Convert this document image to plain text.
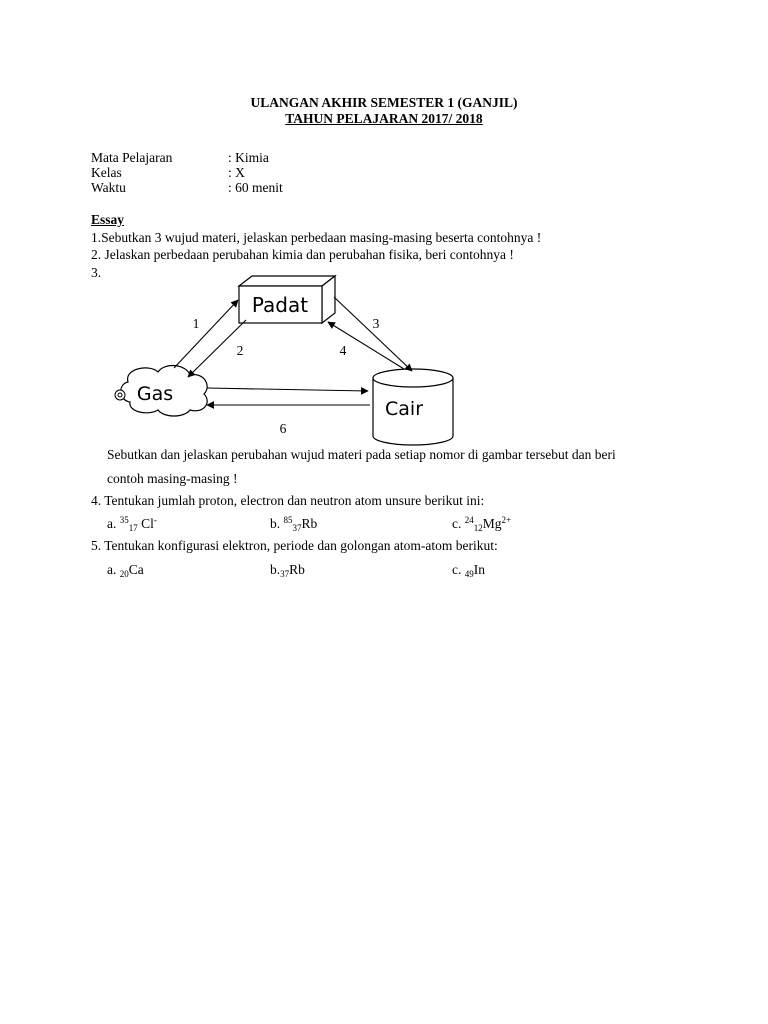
ULANGAN AKHIR SEMESTER 1 (GANJIL)
TAHUN PELAJARAN 2017/ 2018
Mata Pelajaran	: Kimia
Kelas	: X
Waktu	: 60 menit
Essay
1.Sebutkan 3 wujud materi, jelaskan perbedaan masing-masing beserta contohnya !
2. Jelaskan perbedaan perubahan kimia dan perubahan fisika, beri contohnya !
3.
Padat
Gas
Cair
1
2
3
4
6
Sebutkan dan jelaskan perubahan wujud materi pada setiap nomor di gambar tersebut dan beri
contoh masing-masing !
4. Tentukan jumlah proton, electron dan neutron atom unsure berikut ini:
a. $^{35}_{17}$ Cl-	b. $^{85}_{37}$Rb	c. $^{24}_{12}Mg^{2+}$
5. Tentukan konfigurasi elektron, periode dan golongan atom-atom berikut:
a. $_{20}$Ca	$b._{37}Rb$	c. $_{49}$In
